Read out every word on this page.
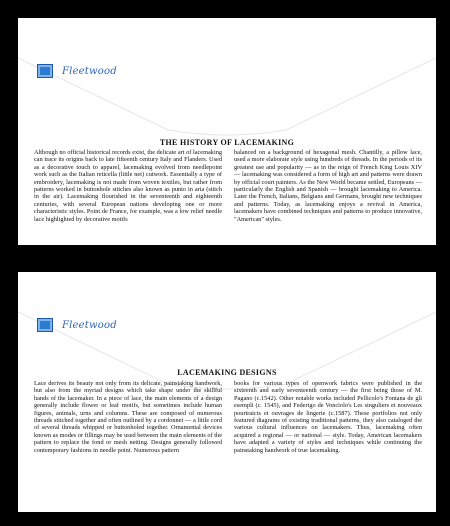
Fleetwood
THE HISTORY OF LACEMAKING
Although no official historical records exist, the delicate art of lacemaking can trace its origins back to late fifteenth century Italy and Flanders. Used as a decorative touch to apparel, lacemaking evolved from needlepoint work such as the Italian reticella (little net) cutwork. Essentially a type of embroidery, lacemaking is not made from woven textiles, but rather from patterns worked in buttonhole stitches also known as punto in aria (stitch in the air). Lacemaking flourished in the seventeenth and eighteenth centuries, with several European nations developing one or more characteristic styles. Point de France, for example, was a low relief needle lace highlighted by decorative motifs
balanced on a background of hexagonal mesh. Chantilly, a pillow lace, used a more elaborate style using hundreds of threads. In the periods of its greatest use and popularity — as in the reign of French King Louis XIV — lacemaking was considered a form of high art and patterns were drawn by official court painters. As the New World became settled, Europeans — particularly the English and Spanish — brought lacemaking to America. Later the French, Italians, Belgians and Germans, brought new techniques and patterns. Today, as lacemaking enjoys a revival in America, lacemakers have combined techniques and patterns to produce innovative, "American" styles.
Fleetwood
LACEMAKING DESIGNS
Lace derives its beauty not only from its delicate, painstaking handwork, but also from the myriad designs which take shape under the skillful hands of the lacemaker. In a piece of lace, the main elements of a design generally include flower or leaf motifs, but sometimes include human figures, animals, urns and columns. These are composed of numerous threads stitched together and often outlined by a cordonnet — a little cord of several threads whipped or buttonholed together. Ornamental devices known as modes or fillings may be used between the main elements of the pattern to replace the fond or mesh netting. Designs generally followed contemporary fashions in needle point. Numerous pattern
books for various types of openwork fabrics were published in the sixteenth and early seventeenth century — the first being those of M. Pagano (c.1542). Other notable works included Pellicolo's Fontana de gli esempli (c. 1545), and Federigo de Vonciolo's Les singuliers et nouveaux pourtraicts et ouvrages de lingerie (c.1587). These portfolios not only featured diagrams of existing traditional patterns, they also cataloged the various cultural influences on lacemakers. Thus, lacemaking often acquired a regional — or national — style. Today, American lacemakers have adapted a variety of styles and techniques while continuing the painstaking handwork of true lacemaking.
